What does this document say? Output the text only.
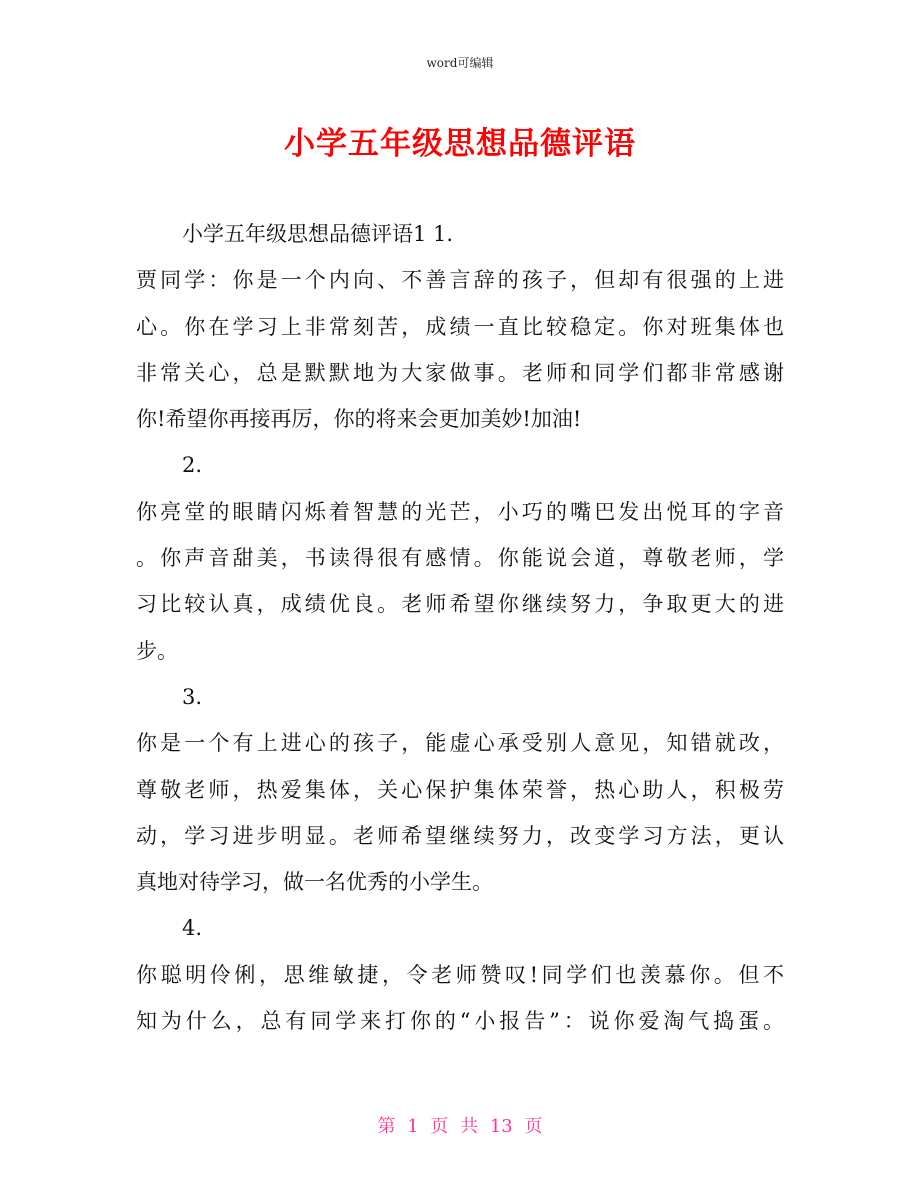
word可编辑
小学五年级思想品德评语
小学五年级思想品德评语1 1.
贾同学：你是一个内向、不善言辞的孩子，但却有很强的上进
心。你在学习上非常刻苦，成绩一直比较稳定。你对班集体也
非常关心，总是默默地为大家做事。老师和同学们都非常感谢
你!希望你再接再厉，你的将来会更加美妙!加油!
2.
你亮堂的眼睛闪烁着智慧的光芒，小巧的嘴巴发出悦耳的字音
。你声音甜美，书读得很有感情。你能说会道，尊敬老师，学
习比较认真，成绩优良。老师希望你继续努力，争取更大的进
步。
3.
你是一个有上进心的孩子，能虚心承受别人意见，知错就改，
尊敬老师，热爱集体，关心保护集体荣誉，热心助人，积极劳
动，学习进步明显。老师希望继续努力，改变学习方法，更认
真地对待学习，做一名优秀的小学生。
4.
你聪明伶俐，思维敏捷，令老师赞叹!同学们也羡慕你。但不
知为什么，总有同学来打你的“小报告”：说你爱淘气捣蛋。
第 1 页 共 13 页
